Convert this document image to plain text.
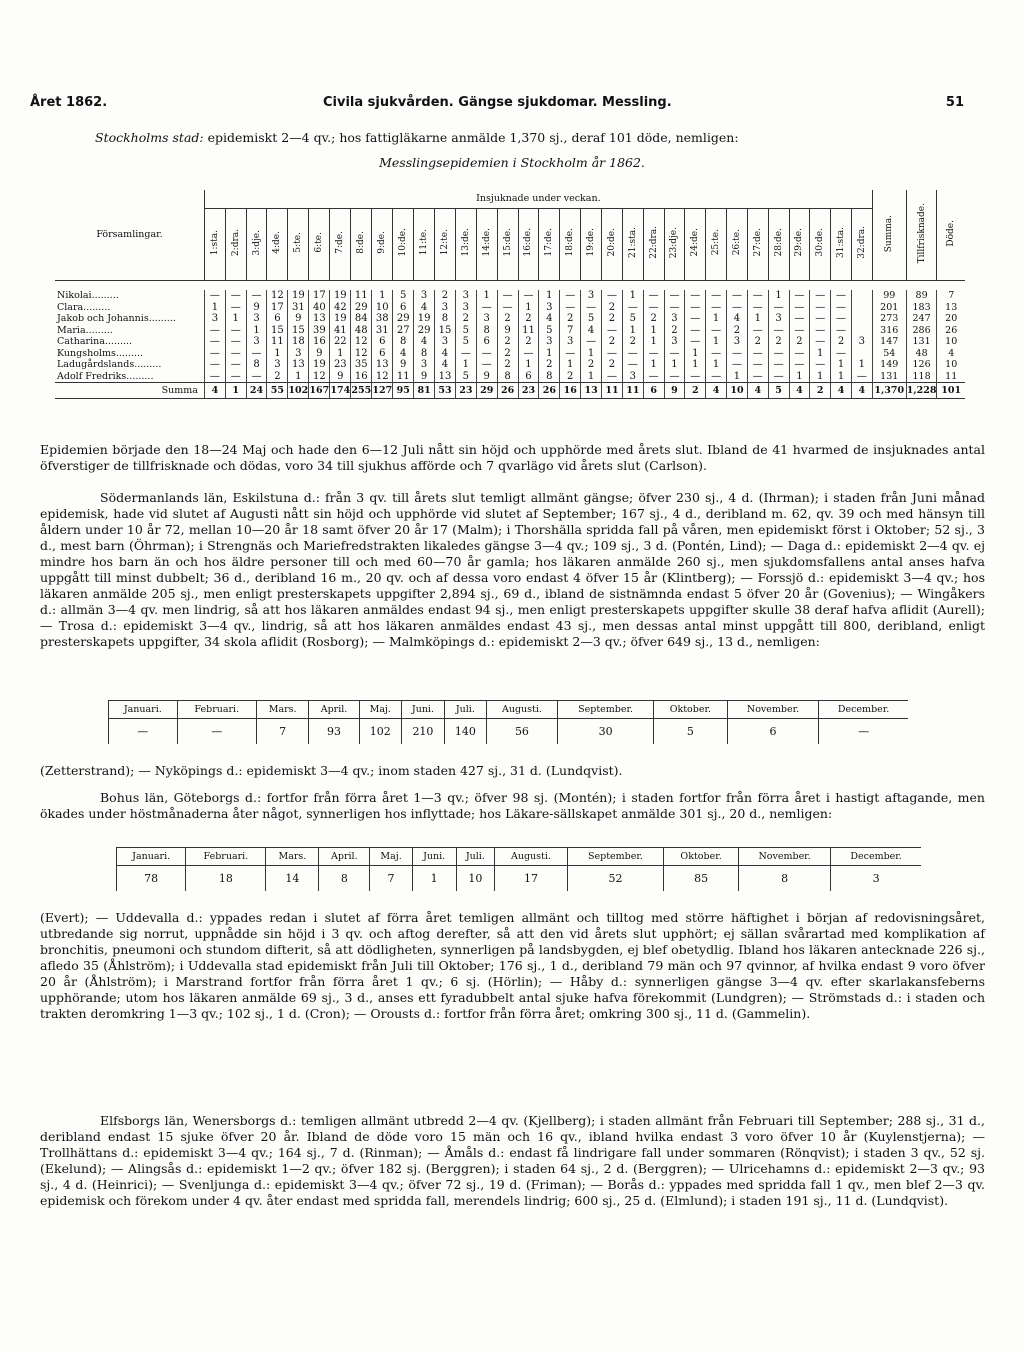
Året 1862.	Civila sjukvården. Gängse sjukdomar. Messling.	51
Stockholms stad: epidemiskt 2—4 qv.; hos fattigläkarne anmälde 1,370 sj., deraf 101 döde, nemligen:
Messlingsepidemien i Stockholm år 1862.
Församlingar.	Insjuknade under veckan.																																Summa.	Tillfrisknade.	Döde.
	1:sta.	2:dra.	3:dje.	4:de.	5:te.	6:te.	7:de.	8:de.	9:de.	10:de.	11:te.	12:te.	13:de.	14:de.	15:de.	16:de.	17:de.	18:de.	19:de.	20:de.	21:sta.	22:dra.	23:dje.	24:de.	25:te.	26:te.	27:de.	28:de.	29:de.	30:de.	31:sta.	32:dra.			

Nikolai.........	—	—	—	12	19	17	19	11	1	5	3	2	3	1	—	—	1	—	3	—	1	—	—	—	—	—	—	1	—	—	—		99	89	7
Clara.........	1	—	9	17	31	40	42	29	10	6	4	3	3	—	—	1	3	—	—	2	—	—	—	—	—	—	—	—	—	—	—		201	183	13
Jakob och Johannis.........	3	1	3	6	9	13	19	84	38	29	19	8	2	3	2	2	4	2	5	2	5	2	3	—	1	4	1	3	—	—	—		273	247	20
Maria.........	—	—	1	15	15	39	41	48	31	27	29	15	5	8	9	11	5	7	4	—	1	1	2	—	—	2	—	—	—	—	—		316	286	26
Catharina.........	—	—	3	11	18	16	22	12	6	8	4	3	5	6	2	2	3	3	—	2	2	1	3	—	1	3	2	2	2	—	2	3	147	131	10
Kungsholms.........	—	—	—	1	3	9	1	12	6	4	8	4	—	—	2	—	1	—	1	—	—	—	—	1	—	—	—	—	—	1	—		54	48	4
Ladugårdslands.........	—	—	8	3	13	19	23	35	13	9	3	4	1	—	2	1	2	1	2	2	—	1	1	1	1	—	—	—	—	—	1	1	149	126	10
Adolf Fredriks.........	—	—	—	2	1	12	9	16	12	11	9	13	5	9	8	6	8	2	1	—	3	—	—	—	—	1	—	—	1	1	1	—	131	118	11
Summa	4	1	24	55	102	167	174	255	127	95	81	53	23	29	26	23	26	16	13	11	11	6	9	2	4	10	4	5	4	2	4	4	1,370	1,228	101

Epidemien började den 18—24 Maj och hade den 6—12 Juli nått sin höjd och upphörde med årets slut. Ibland de 41 hvarmed de insjuknades antal öfverstiger de tillfrisknade och dödas, voro 34 till sjukhus afförde och 7 qvarlägo vid årets slut (Carlson).

Södermanlands län, Eskilstuna d.: från 3 qv. till årets slut temligt allmänt gängse; öfver 230 sj., 4 d. (Ihrman); i staden från Juni månad epidemisk, hade vid slutet af Augusti nått sin höjd och upphörde vid slutet af September; 167 sj., 4 d., deribland m. 62, qv. 39 och med hänsyn till åldern under 10 år 72, mellan 10—20 år 18 samt öfver 20 år 17 (Malm); i Thorshälla spridda fall på våren, men epidemiskt först i Oktober; 52 sj., 3 d., mest barn (Öhrman); i Strengnäs och Mariefredstrakten likaledes gängse 3—4 qv.; 109 sj., 3 d. (Pontén, Lind); — Daga d.: epidemiskt 2—4 qv. ej mindre hos barn än och hos äldre personer till och med 60—70 år gamla; hos läkaren anmälde 260 sj., men sjukdomsfallens antal anses hafva uppgått till minst dubbelt; 36 d., deribland 16 m., 20 qv. och af dessa voro endast 4 öfver 15 år (Klintberg); — Forssjö d.: epidemiskt 3—4 qv.; hos läkaren anmälde 205 sj., men enligt presterskapets uppgifter 2,894 sj., 69 d., ibland de sistnämnda endast 5 öfver 20 år (Govenius); — Wingåkers d.: allmän 3—4 qv. men lindrig, så att hos läkaren anmäldes endast 94 sj., men enligt presterskapets uppgifter skulle 38 deraf hafva aflidit (Aurell); — Trosa d.: epidemiskt 3—4 qv., lindrig, så att hos läkaren anmäldes endast 43 sj., men dessas antal minst uppgått till 800, deribland, enligt presterskapets uppgifter, 34 skola aflidit (Rosborg); — Malmköpings d.: epidemiskt 2—3 qv.; öfver 649 sj., 13 d., nemligen:

Januari.	Februari.	Mars.	April.	Maj.	Juni.	Juli.	Augusti.	September.	Oktober.	November.	December.
—	—	7	93	102	210	140	56	30	5	6	—

(Zetterstrand); — Nyköpings d.: epidemiskt 3—4 qv.; inom staden 427 sj., 31 d. (Lundqvist).

Bohus län, Göteborgs d.: fortfor från förra året 1—3 qv.; öfver 98 sj. (Montén); i staden fortfor från förra året i hastigt aftagande, men ökades under höstmånaderna åter något, synnerligen hos inflyttade; hos Läkare-sällskapet anmälde 301 sj., 20 d., nemligen:

Januari.	Februari.	Mars.	April.	Maj.	Juni.	Juli.	Augusti.	September.	Oktober.	November.	December.
78	18	14	8	7	1	10	17	52	85	8	3

(Evert); — Uddevalla d.: yppades redan i slutet af förra året temligen allmänt och tilltog med större häftighet i början af redovisningsåret, utbredande sig norrut, uppnådde sin höjd i 3 qv. och aftog derefter, så att den vid årets slut upphört; ej sällan svårartad med komplikation af bronchitis, pneumoni och stundom difterit, så att dödligheten, synnerligen på landsbygden, ej blef obetydlig. Ibland hos läkaren antecknade 226 sj., afledo 35 (Åhlström); i Uddevalla stad epidemiskt från Juli till Oktober; 176 sj., 1 d., deribland 79 män och 97 qvinnor, af hvilka endast 9 voro öfver 20 år (Åhlström); i Marstrand fortfor från förra året 1 qv.; 6 sj. (Hörlin); — Håby d.: synnerligen gängse 3—4 qv. efter skarlakansfeberns upphörande; utom hos läkaren anmälde 69 sj., 3 d., anses ett fyradubbelt antal sjuke hafva förekommit (Lundgren); — Strömstads d.: i staden och trakten deromkring 1—3 qv.; 102 sj., 1 d. (Cron); — Orousts d.: fortfor från förra året; omkring 300 sj., 11 d. (Gammelin).

Elfsborgs län, Wenersborgs d.: temligen allmänt utbredd 2—4 qv. (Kjellberg); i staden allmänt från Februari till September; 288 sj., 31 d., deribland endast 15 sjuke öfver 20 år. Ibland de döde voro 15 män och 16 qv., ibland hvilka endast 3 voro öfver 10 år (Kuylenstjerna); — Trollhättans d.: epidemiskt 3—4 qv.; 164 sj., 7 d. (Rinman); — Åmåls d.: endast få lindrigare fall under sommaren (Rönqvist); i staden 3 qv., 52 sj. (Ekelund); — Alingsås d.: epidemiskt 1—2 qv.; öfver 182 sj. (Berggren); i staden 64 sj., 2 d. (Berggren); — Ulricehamns d.: epidemiskt 2—3 qv.; 93 sj., 4 d. (Heinrici); — Svenljunga d.: epidemiskt 3—4 qv.; öfver 72 sj., 19 d. (Friman); — Borås d.: yppades med spridda fall 1 qv., men blef 2—3 qv. epidemisk och förekom under 4 qv. åter endast med spridda fall, merendels lindrig; 600 sj., 25 d. (Elmlund); i staden 191 sj., 11 d. (Lundqvist).
